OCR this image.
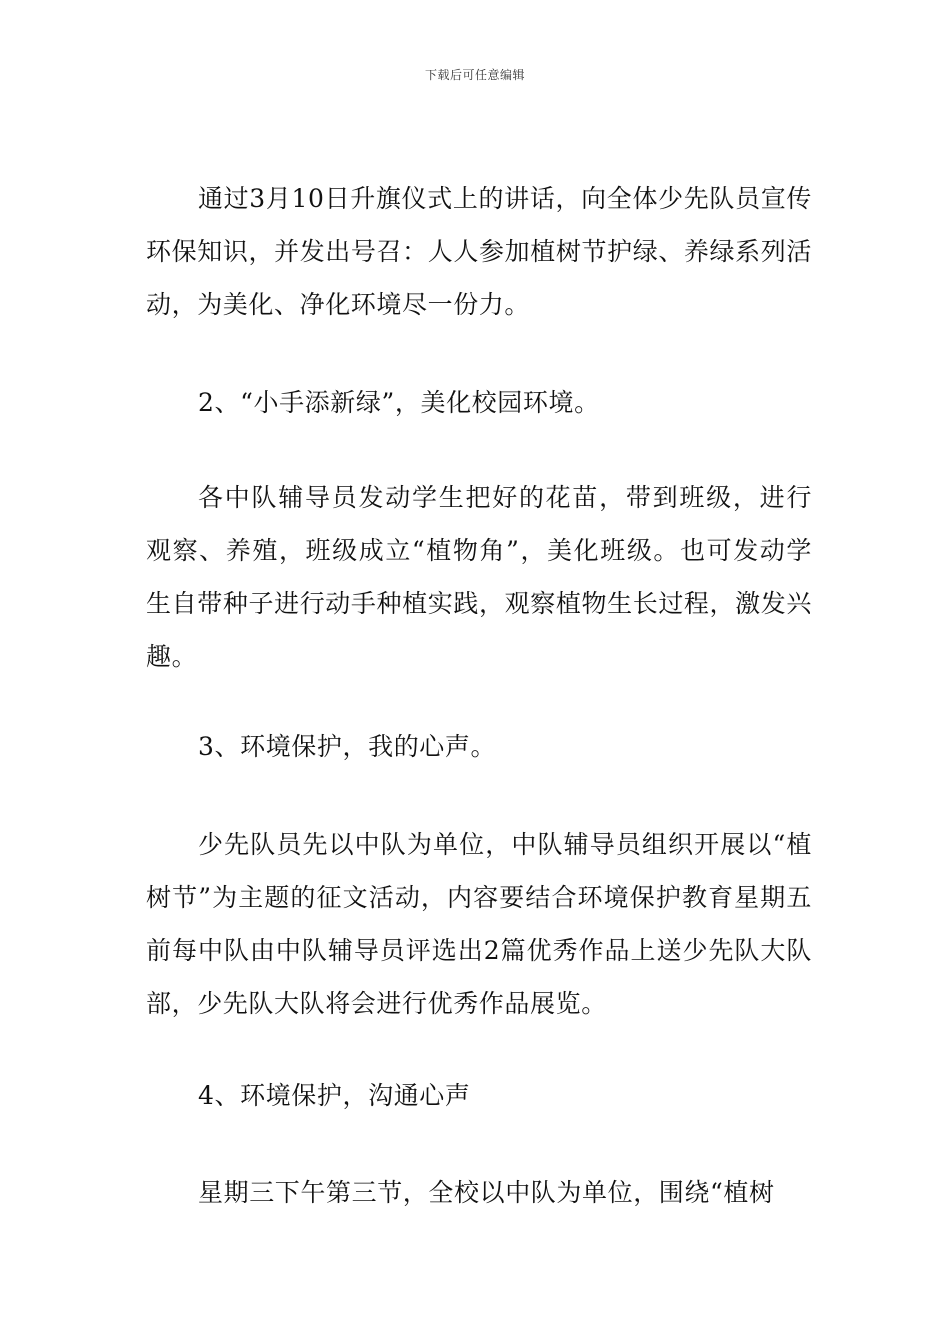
下载后可任意编辑

通过3月10日升旗仪式上的讲话，向全体少先队员宣传环保知识，并发出号召：人人参加植树节护绿、养绿系列活动，为美化、净化环境尽一份力。

2、“小手添新绿”，美化校园环境。

各中队辅导员发动学生把好的花苗，带到班级，进行观察、养殖，班级成立“植物角”，美化班级。也可发动学生自带种子进行动手种植实践，观察植物生长过程，激发兴趣。

3、环境保护，我的心声。

少先队员先以中队为单位，中队辅导员组织开展以“植树节”为主题的征文活动，内容要结合环境保护教育星期五前每中队由中队辅导员评选出2篇优秀作品上送少先队大队部，少先队大队将会进行优秀作品展览。

4、环境保护，沟通心声

星期三下午第三节，全校以中队为单位，围绕“植树
